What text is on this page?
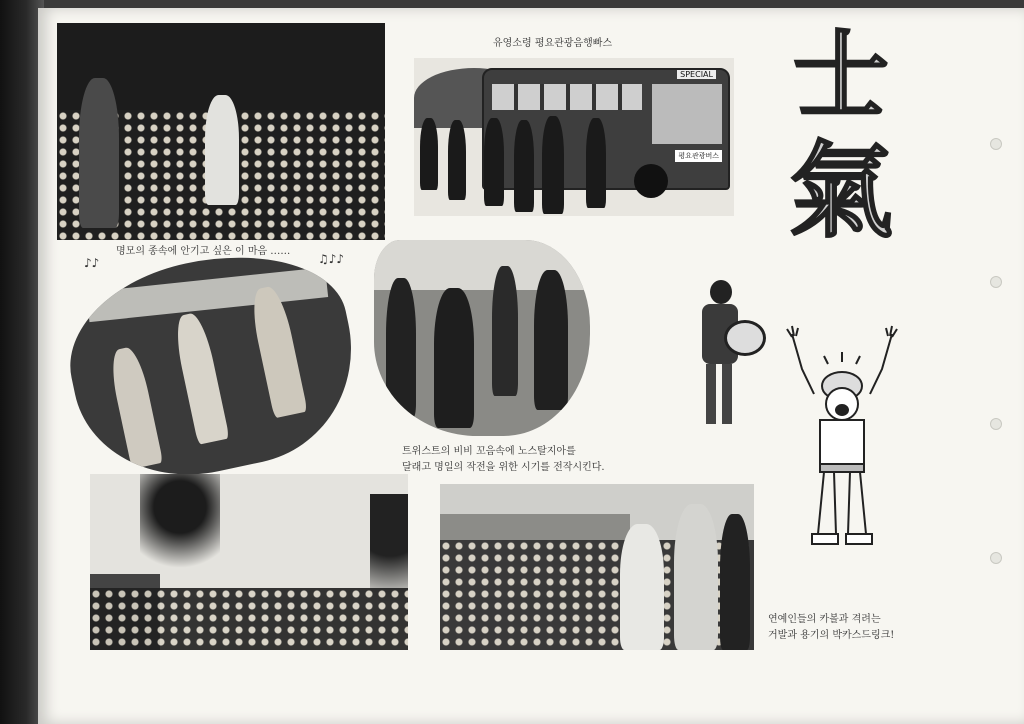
유영소령 평요관광음행빠스
SPECIAL
평요관광버스
士
氣
♪♪
명모의 종속에 안기고 싶은 이 마음 ‥‥‥
♫♪♪
트위스트의 비비 꼬음속에 노스탈지아를
달래고 명일의 작전을 위한 시기를 전작시킨다.
연예인들의 카볼과 격려는
거발과 용기의 박카스드링크!
